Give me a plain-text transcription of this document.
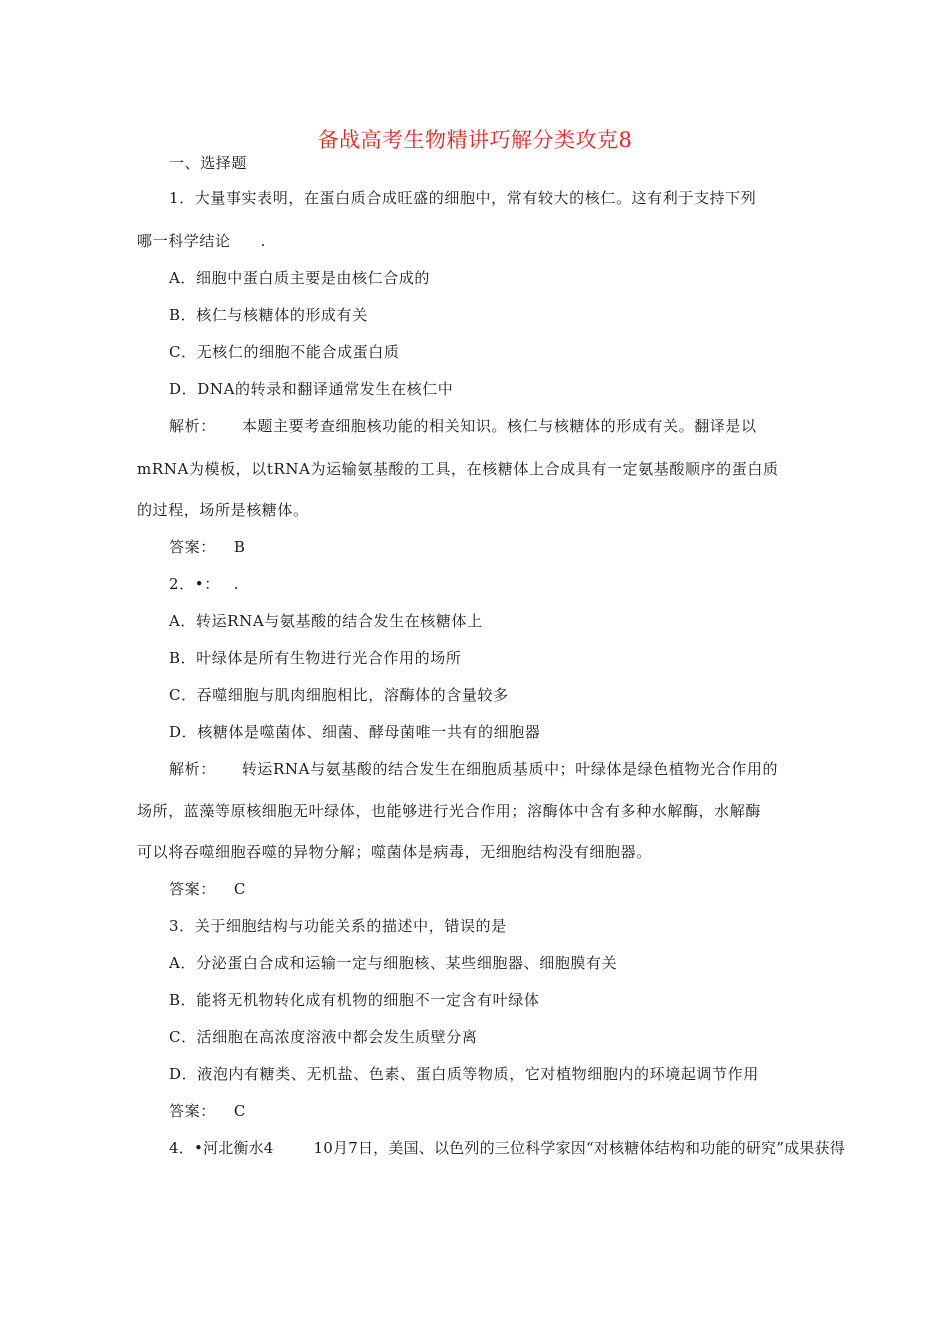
备战高考生物精讲巧解分类攻克8
一、选择题
1．大量事实表明，在蛋白质合成旺盛的细胞中，常有较大的核仁。这有利于支持下列
哪一科学结论 .
A．细胞中蛋白质主要是由核仁合成的
B．核仁与核糖体的形成有关
C．无核仁的细胞不能合成蛋白质
D．DNA的转录和翻译通常发生在核仁中
解析： 本题主要考查细胞核功能的相关知识。核仁与核糖体的形成有关。翻译是以
mRNA为模板，以tRNA为运输氨基酸的工具，在核糖体上合成具有一定氨基酸顺序的蛋白质
的过程，场所是核糖体。
答案： B
2．•： .
A．转运RNA与氨基酸的结合发生在核糖体上
B．叶绿体是所有生物进行光合作用的场所
C．吞噬细胞与肌肉细胞相比，溶酶体的含量较多
D．核糖体是噬菌体、细菌、酵母菌唯一共有的细胞器
解析： 转运RNA与氨基酸的结合发生在细胞质基质中；叶绿体是绿色植物光合作用的
场所，蓝藻等原核细胞无叶绿体，也能够进行光合作用；溶酶体中含有多种水解酶，水解酶
可以将吞噬细胞吞噬的异物分解；噬菌体是病毒，无细胞结构没有细胞器。
答案： C
3．关于细胞结构与功能关系的描述中，错误的是
A．分泌蛋白合成和运输一定与细胞核、某些细胞器、细胞膜有关
B．能将无机物转化成有机物的细胞不一定含有叶绿体
C．活细胞在高浓度溶液中都会发生质壁分离
D．液泡内有糖类、无机盐、色素、蛋白质等物质，它对植物细胞内的环境起调节作用
答案： C
4．•河北衡水4	10月7日，美国、以色列的三位科学家因“对核糖体结构和功能的研究”成果获得
